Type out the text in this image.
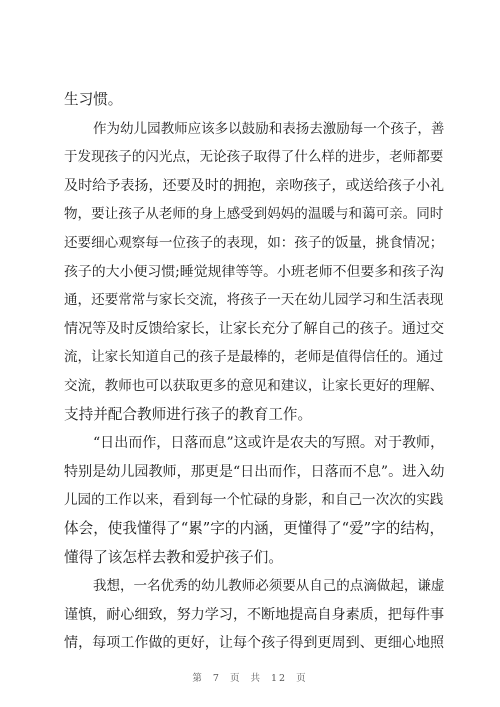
生习惯。
作为幼儿园教师应该多以鼓励和表扬去激励每一个孩子，善
于发现孩子的闪光点，无论孩子取得了什么样的进步，老师都要
及时给予表扬，还要及时的拥抱，亲吻孩子，或送给孩子小礼
物，要让孩子从老师的身上感受到妈妈的温暖与和蔼可亲。同时
还要细心观察每一位孩子的表现，如：孩子的饭量，挑食情况；
孩子的大小便习惯;睡觉规律等等。小班老师不但要多和孩子沟
通，还要常常与家长交流，将孩子一天在幼儿园学习和生活表现
情况等及时反馈给家长，让家长充分了解自己的孩子。通过交
流，让家长知道自己的孩子是最棒的，老师是值得信任的。通过
交流，教师也可以获取更多的意见和建议，让家长更好的理解、
支持并配合教师进行孩子的教育工作。
“日出而作，日落而息”这或许是农夫的写照。对于教师，
特别是幼儿园教师，那更是“日出而作，日落而不息”。进入幼
儿园的工作以来，看到每一个忙碌的身影，和自己一次次的实践
体会，使我懂得了“累”字的内涵，更懂得了“爱”字的结构，
懂得了该怎样去教和爱护孩子们。
我想，一名优秀的幼儿教师必须要从自己的点滴做起，谦虚
谨慎，耐心细致，努力学习，不断地提高自身素质，把每件事
情，每项工作做的更好，让每个孩子得到更周到、更细心地照
第 7 页 共 12 页
